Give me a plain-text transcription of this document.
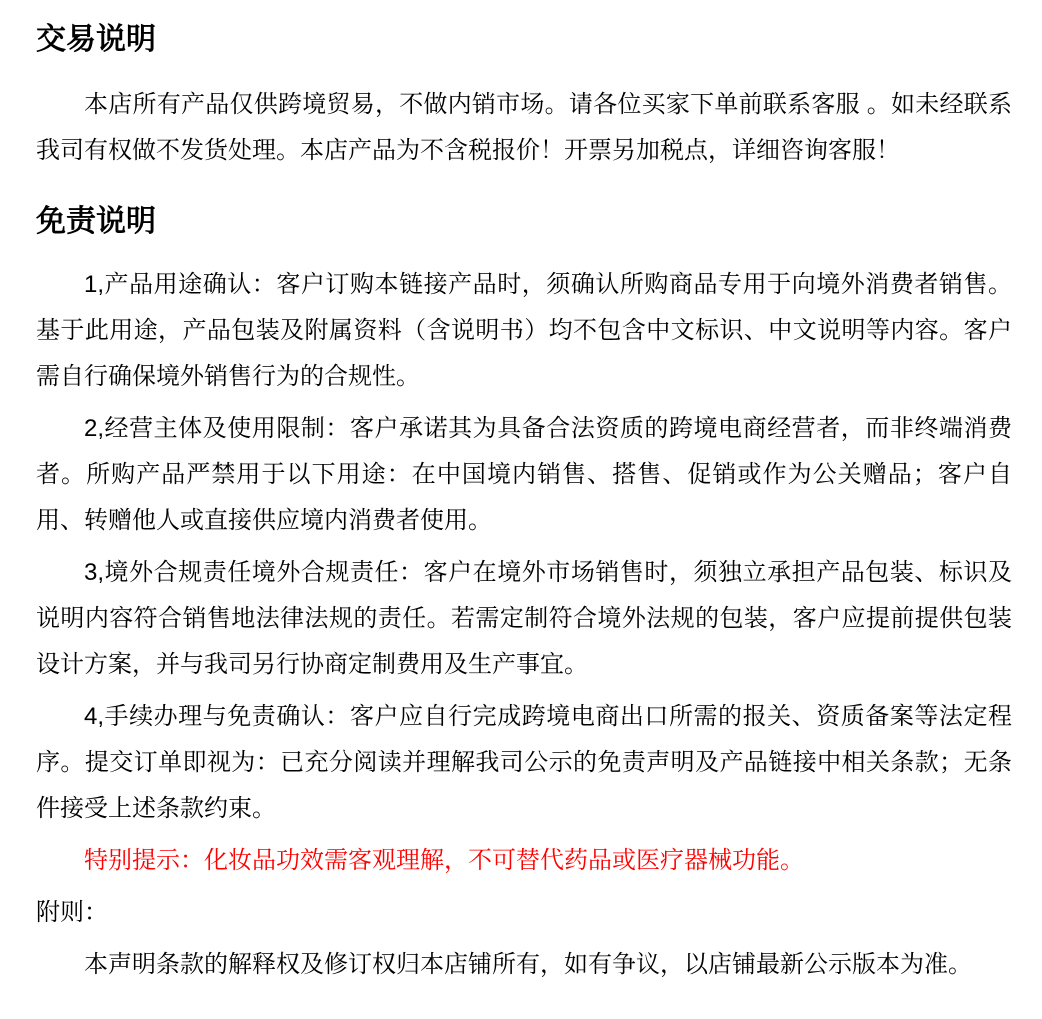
交易说明

本店所有产品仅供跨境贸易，不做内销市场。请各位买家下单前联系客服 。如未经联系我司有权做不发货处理。本店产品为不含税报价！开票另加税点，详细咨询客服！

免责说明

1,产品用途确认：客户订购本链接产品时，须确认所购商品专用于向境外消费者销售。基于此用途，产品包装及附属资料（含说明书）均不包含中文标识、中文说明等内容。客户需自行确保境外销售行为的合规性。

2,经营主体及使用限制：客户承诺其为具备合法资质的跨境电商经营者，而非终端消费者。所购产品严禁用于以下用途：在中国境内销售、搭售、促销或作为公关赠品；客户自用、转赠他人或直接供应境内消费者使用。

3,境外合规责任境外合规责任：客户在境外市场销售时，须独立承担产品包装、标识及说明内容符合销售地法律法规的责任。若需定制符合境外法规的包装，客户应提前提供包装设计方案，并与我司另行协商定制费用及生产事宜。

4,手续办理与免责确认：客户应自行完成跨境电商出口所需的报关、资质备案等法定程序。提交订单即视为：已充分阅读并理解我司公示的免责声明及产品链接中相关条款；无条件接受上述条款约束。

特别提示：化妆品功效需客观理解，不可替代药品或医疗器械功能。

附则：

本声明条款的解释权及修订权归本店铺所有，如有争议，以店铺最新公示版本为准。
